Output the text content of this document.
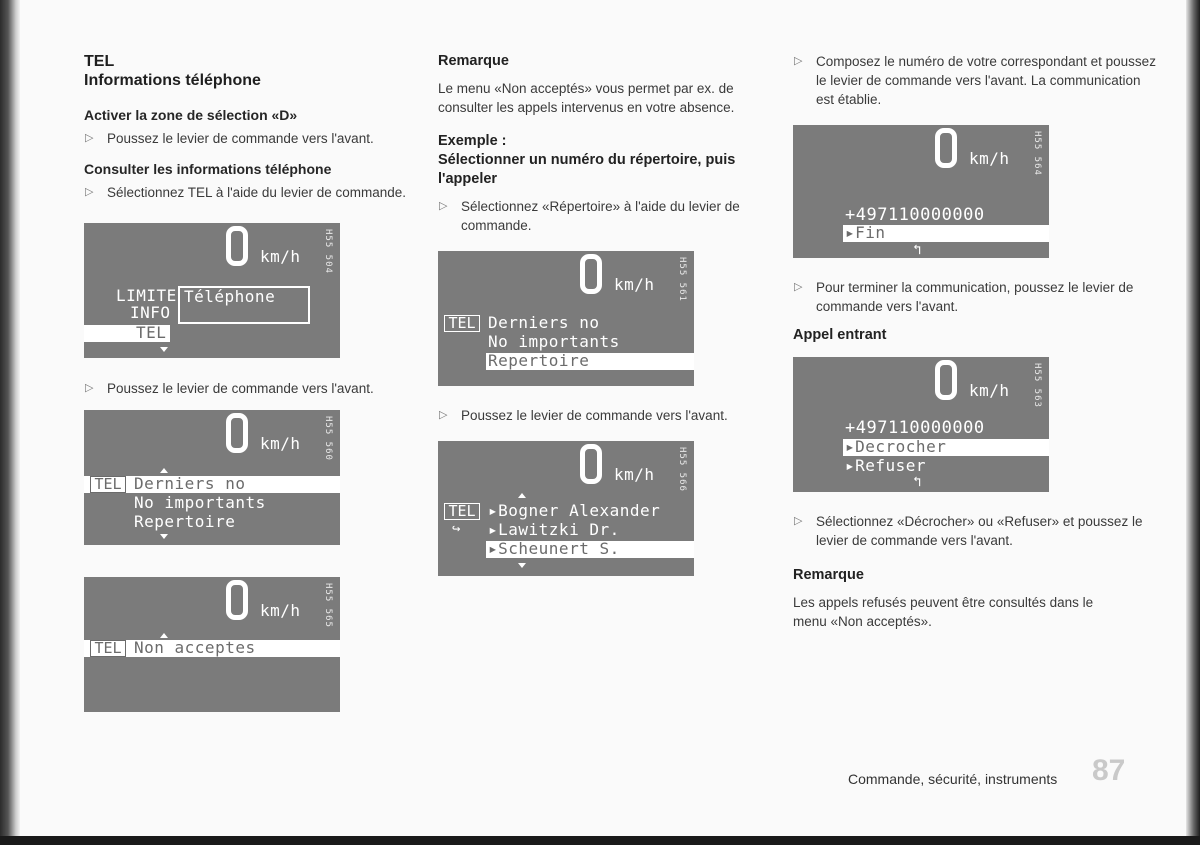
TEL
Informations téléphone
Activer la zone de sélection «D»
▷ Poussez le levier de commande vers l'avant.
Consulter les informations téléphone
▷ Sélectionnez TEL à l'aide du levier de commande.
km/h H55 504
LIMITE
INFO
TEL
Téléphone
▷ Poussez le levier de commande vers l'avant.
km/h H55 560
TEL Derniers no
No importants
Repertoire
km/h H55 565
TEL Non acceptes
Remarque

Le menu «Non acceptés» vous permet par ex. de consulter les appels intervenus en votre absence.

Exemple :
Sélectionner un numéro du répertoire, puis l'appeler
▷ Sélectionnez «Répertoire» à l'aide du levier de commande.
km/h H55 561
TEL Derniers no
No importants
Repertoire
▷ Poussez le levier de commande vers l'avant.
km/h H55 566
TEL
↪
▸Bogner Alexander
▸Lawitzki Dr.
▸Scheunert S.
▷ Composez le numéro de votre correspondant et poussez le levier de commande vers l'avant. La communication est établie.
km/h H55 564
+497110000000
▸Fin
↰
▷ Pour terminer la communication, poussez le levier de commande vers l'avant.
Appel entrant
km/h H55 563
+497110000000
▸Decrocher
▸Refuser
↰
▷ Sélectionnez «Décrocher» ou «Refuser» et poussez le levier de commande vers l'avant.
Remarque

Les appels refusés peuvent être consultés dans le menu «Non acceptés».

Commande, sécurité, instruments 87
